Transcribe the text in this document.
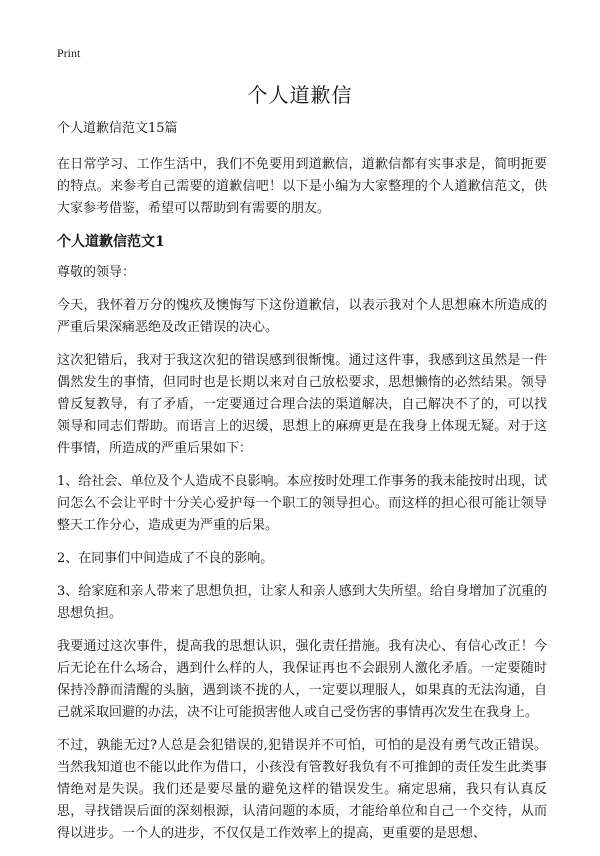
Print
个人道歉信

个人道歉信范文15篇

在日常学习、工作生活中，我们不免要用到道歉信，道歉信都有实事求是，简明扼要的特点。来参考自己需要的道歉信吧！以下是小编为大家整理的个人道歉信范文，供大家参考借鉴，希望可以帮助到有需要的朋友。

个人道歉信范文1

尊敬的领导：

今天，我怀着万分的愧疚及懊悔写下这份道歉信，以表示我对个人思想麻木所造成的严重后果深痛恶绝及改正错误的决心。

这次犯错后，我对于我这次犯的错误感到很惭愧。通过这件事，我感到这虽然是一件偶然发生的事情，但同时也是长期以来对自己放松要求，思想懒惰的必然结果。领导曾反复教导，有了矛盾，一定要通过合理合法的渠道解决，自己解决不了的，可以找领导和同志们帮助。而语言上的迟缓，思想上的麻痹更是在我身上体现无疑。对于这件事情，所造成的严重后果如下：

1、给社会、单位及个人造成不良影响。本应按时处理工作事务的我未能按时出现，试问怎么不会让平时十分关心爱护每一个职工的领导担心。而这样的担心很可能让领导整天工作分心，造成更为严重的后果。

2、在同事们中间造成了不良的影响。

3、给家庭和亲人带来了思想负担，让家人和亲人感到大失所望。给自身增加了沉重的思想负担。

我要通过这次事件，提高我的思想认识，强化责任措施。我有决心、有信心改正！今后无论在什么场合，遇到什么样的人，我保证再也不会跟别人激化矛盾。一定要随时保持冷静而清醒的头脑，遇到谈不拢的人，一定要以理服人，如果真的无法沟通，自己就采取回避的办法，决不让可能损害他人或自己受伤害的事情再次发生在我身上。

不过，孰能无过?人总是会犯错误的,犯错误并不可怕，可怕的是没有勇气改正错误。当然我知道也不能以此作为借口，小孩没有管教好我负有不可推卸的责任发生此类事情绝对是失误。我们还是要尽量的避免这样的错误发生。痛定思痛，我只有认真反思，寻找错误后面的深刻根源，认清问题的本质，才能给单位和自己一个交待，从而得以进步。一个人的进步，不仅仅是工作效率上的提高，更重要的是思想、
